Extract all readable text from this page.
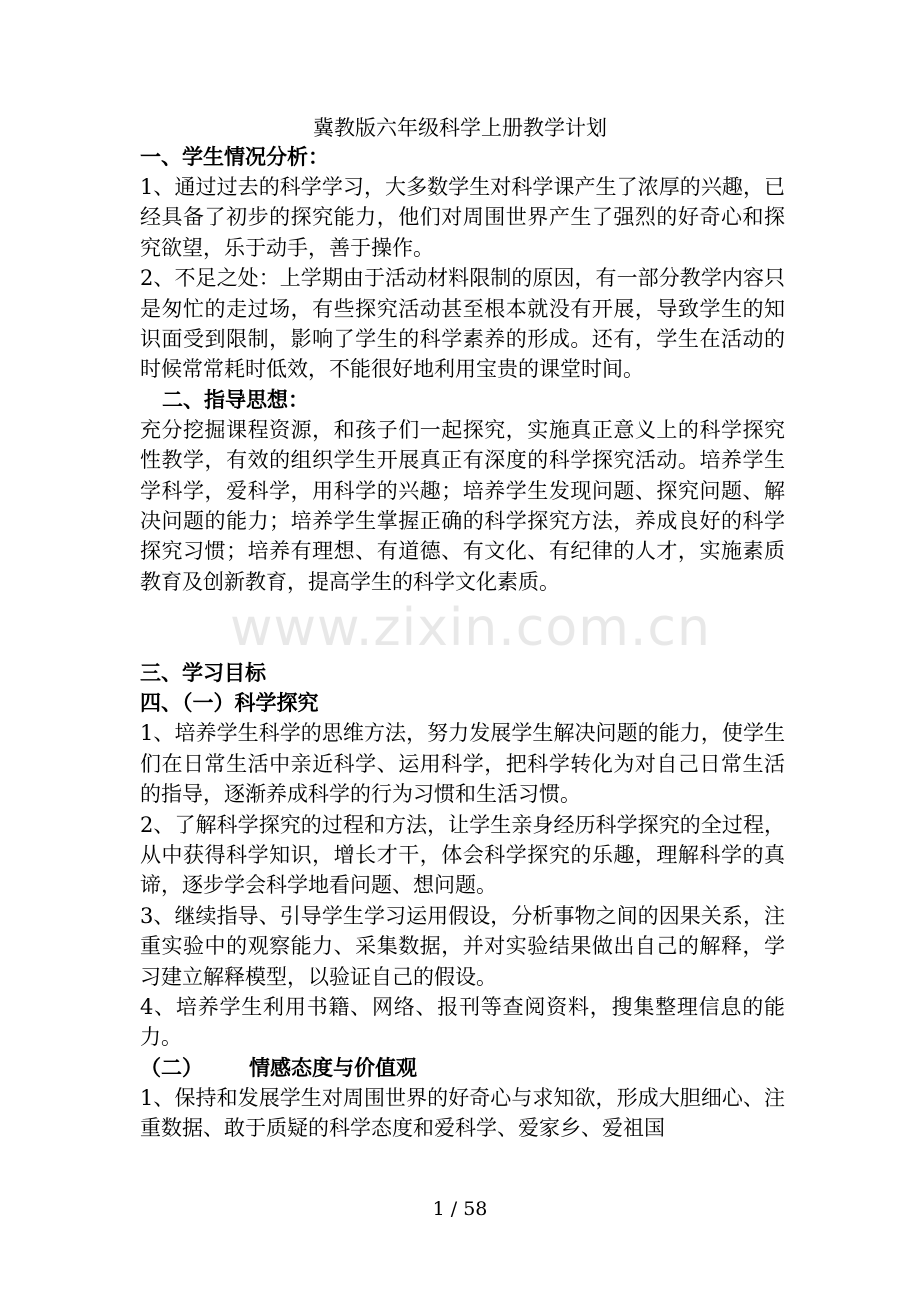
冀教版六年级科学上册教学计划

一、学生情况分析：

1、通过过去的科学学习，大多数学生对科学课产生了浓厚的兴趣，已经具备了初步的探究能力，他们对周围世界产生了强烈的好奇心和探究欲望，乐于动手，善于操作。

2、不足之处：上学期由于活动材料限制的原因，有一部分教学内容只是匆忙的走过场，有些探究活动甚至根本就没有开展，导致学生的知识面受到限制，影响了学生的科学素养的形成。还有，学生在活动的时候常常耗时低效，不能很好地利用宝贵的课堂时间。

二、指导思想：

充分挖掘课程资源，和孩子们一起探究，实施真正意义上的科学探究性教学，有效的组织学生开展真正有深度的科学探究活动。培养学生学科学，爱科学，用科学的兴趣；培养学生发现问题、探究问题、解决问题的能力；培养学生掌握正确的科学探究方法，养成良好的科学探究习惯；培养有理想、有道德、有文化、有纪律的人才，实施素质教育及创新教育，提高学生的科学文化素质。

三、学习目标

四、（一）科学探究

1、培养学生科学的思维方法，努力发展学生解决问题的能力，使学生们在日常生活中亲近科学、运用科学，把科学转化为对自己日常生活的指导，逐渐养成科学的行为习惯和生活习惯。

2、了解科学探究的过程和方法，让学生亲身经历科学探究的全过程，从中获得科学知识，增长才干，体会科学探究的乐趣，理解科学的真谛，逐步学会科学地看问题、想问题。

3、继续指导、引导学生学习运用假设，分析事物之间的因果关系，注重实验中的观察能力、采集数据，并对实验结果做出自己的解释，学习建立解释模型，以验证自己的假设。

4、培养学生利用书籍、网络、报刊等查阅资料，搜集整理信息的能力。

（二） 情感态度与价值观

1、保持和发展学生对周围世界的好奇心与求知欲，形成大胆细心、注重数据、敢于质疑的科学态度和爱科学、爱家乡、爱祖国

www.zixin.com.cn
1 / 58
